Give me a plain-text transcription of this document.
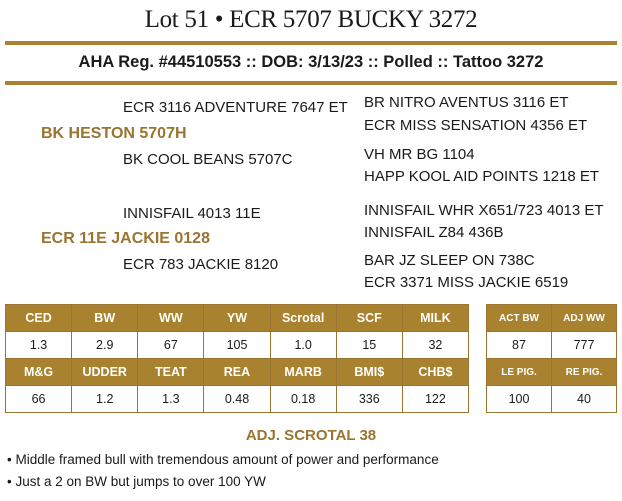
Lot 51 • ECR 5707 BUCKY 3272
AHA Reg. #44510553 :: DOB: 3/13/23 :: Polled :: Tattoo 3272
ECR 3116 ADVENTURE 7647 ET BR NITRO AVENTUS 3116 ET
ECR MISS SENSATION 4356 ET
BK HESTON 5707H
BK COOL BEANS 5707C	VH MR BG 1104
HAPP KOOL AID POINTS 1218 ET
INNISFAIL 4013 11E	INNISFAIL WHR X651/723 4013 ET
INNISFAIL Z84 436B
ECR 11E JACKIE 0128
ECR 783 JACKIE 8120	BAR JZ SLEEP ON 738C
ECR 3371 MISS JACKIE 6519
CED	BW	WW	YW	Scrotal	SCF	MILK
1.3	2.9	67	105	1.0	15	32
M&G	UDDER	TEAT	REA	MARB	BMI$	CHB$
66	1.2	1.3	0.48	0.18	336	122
ACT BW	ADJ WW
87	777
LE PIG.	RE PIG.
100	40
ADJ. SCROTAL 38
• Middle framed bull with tremendous amount of power and performance
• Just a 2 on BW but jumps to over 100 YW
